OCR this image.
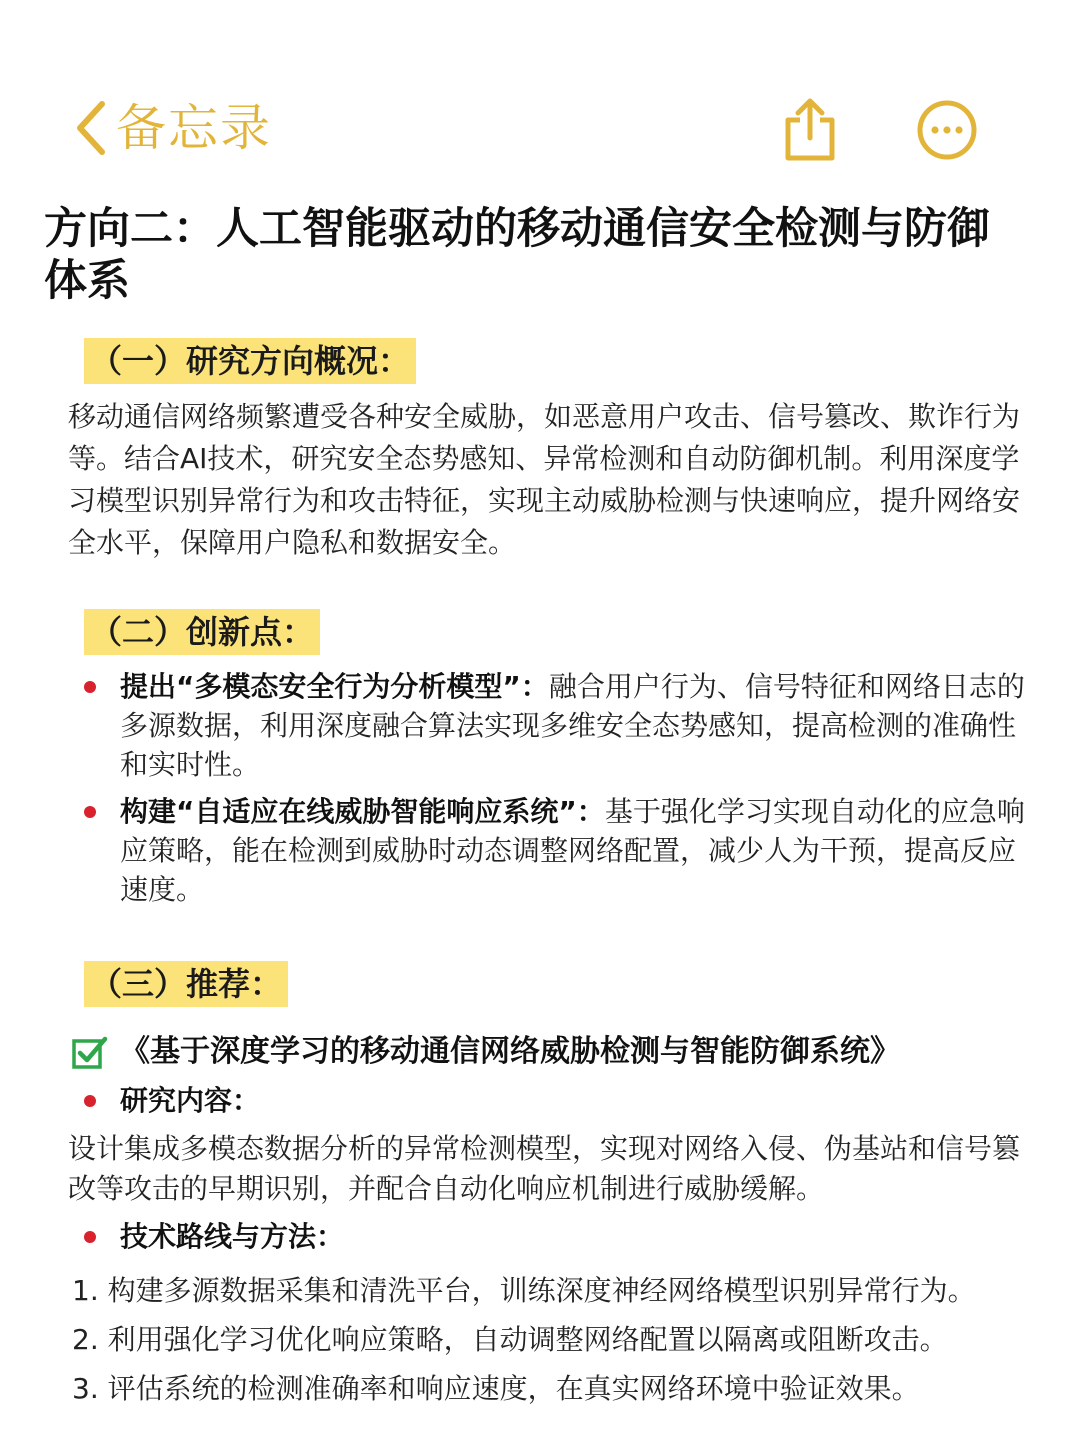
备忘录
方向二：人工智能驱动的移动通信安全检测与防御体系
（一）研究方向概况：
移动通信网络频繁遭受各种安全威胁，如恶意用户攻击、信号篡改、欺诈行为等。结合AI技术，研究安全态势感知、异常检测和自动防御机制。利用深度学习模型识别异常行为和攻击特征，实现主动威胁检测与快速响应，提升网络安全水平，保障用户隐私和数据安全。
（二）创新点：
提出“多模态安全行为分析模型”：融合用户行为、信号特征和网络日志的多源数据，利用深度融合算法实现多维安全态势感知，提高检测的准确性和实时性。
构建“自适应在线威胁智能响应系统”：基于强化学习实现自动化的应急响应策略，能在检测到威胁时动态调整网络配置，减少人为干预，提高反应速度。
（三）推荐：
《基于深度学习的移动通信网络威胁检测与智能防御系统》
研究内容：
设计集成多模态数据分析的异常检测模型，实现对网络入侵、伪基站和信号篡改等攻击的早期识别，并配合自动化响应机制进行威胁缓解。
技术路线与方法：
1. 构建多源数据采集和清洗平台，训练深度神经网络模型识别异常行为。
2. 利用强化学习优化响应策略，自动调整网络配置以隔离或阻断攻击。
3. 评估系统的检测准确率和响应速度，在真实网络环境中验证效果。
